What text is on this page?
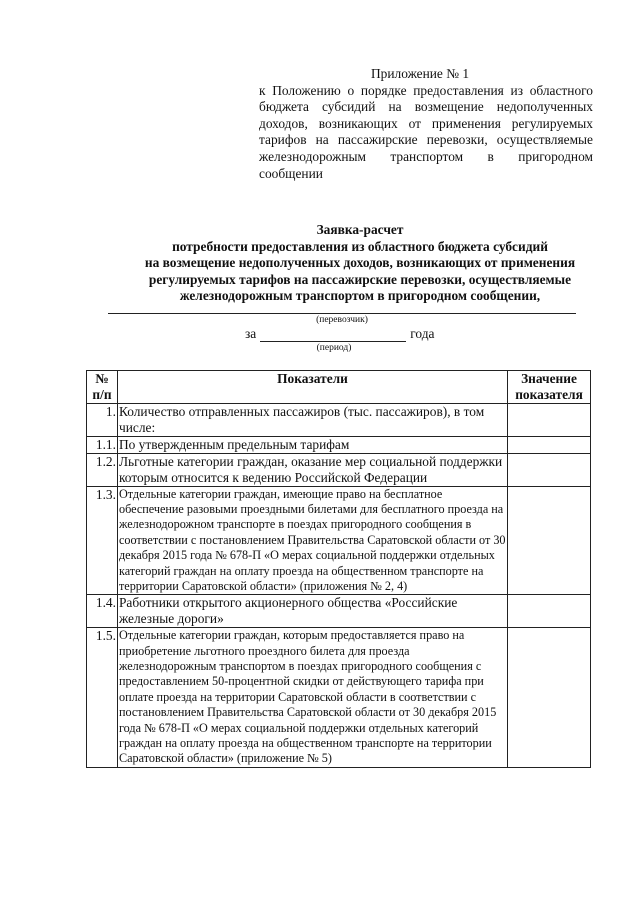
Приложение № 1
к Положению о порядке предоставления из областного бюджета субсидий на возмещение недополученных доходов, возникающих от применения регулируемых тарифов на пассажирские перевозки, осуществляемые железнодорожным транспортом в пригородном сообщении
Заявка-расчет
потребности предоставления из областного бюджета субсидий
на возмещение недополученных доходов, возникающих от применения
регулируемых тарифов на пассажирские перевозки, осуществляемые
железнодорожным транспортом в пригородном сообщении,
(перевозчик)
за	года
(период)
№ п/п	Показатели	Значение показателя
1.	Количество отправленных пассажиров (тыс. пассажиров), в том числе:	
1.1.	По утвержденным предельным тарифам	
1.2.	Льготные категории граждан, оказание мер социальной поддержки которым относится к ведению Российской Федерации	
1.3.	Отдельные категории граждан, имеющие право на бесплатное обеспечение разовыми проездными билетами для бесплатного проезда на железнодорожном транспорте в поездах пригородного сообщения в соответствии с постановлением Правительства Саратовской области от 30 декабря 2015 года № 678-П «О мерах социальной поддержки отдельных категорий граждан на оплату проезда на общественном транспорте на территории Саратовской области» (приложения № 2, 4)	
1.4.	Работники открытого акционерного общества «Российские железные дороги»	
1.5.	Отдельные категории граждан, которым предоставляется право на приобретение льготного проездного билета для проезда железнодорожным транспортом в поездах пригородного сообщения с предоставлением 50-процентной скидки от действующего тарифа при оплате проезда на территории Саратовской области в соответствии с постановлением Правительства Саратовской области от 30 декабря 2015 года № 678-П «О мерах социальной поддержки отдельных категорий граждан на оплату проезда на общественном транспорте на территории Саратовской области» (приложение № 5)	
